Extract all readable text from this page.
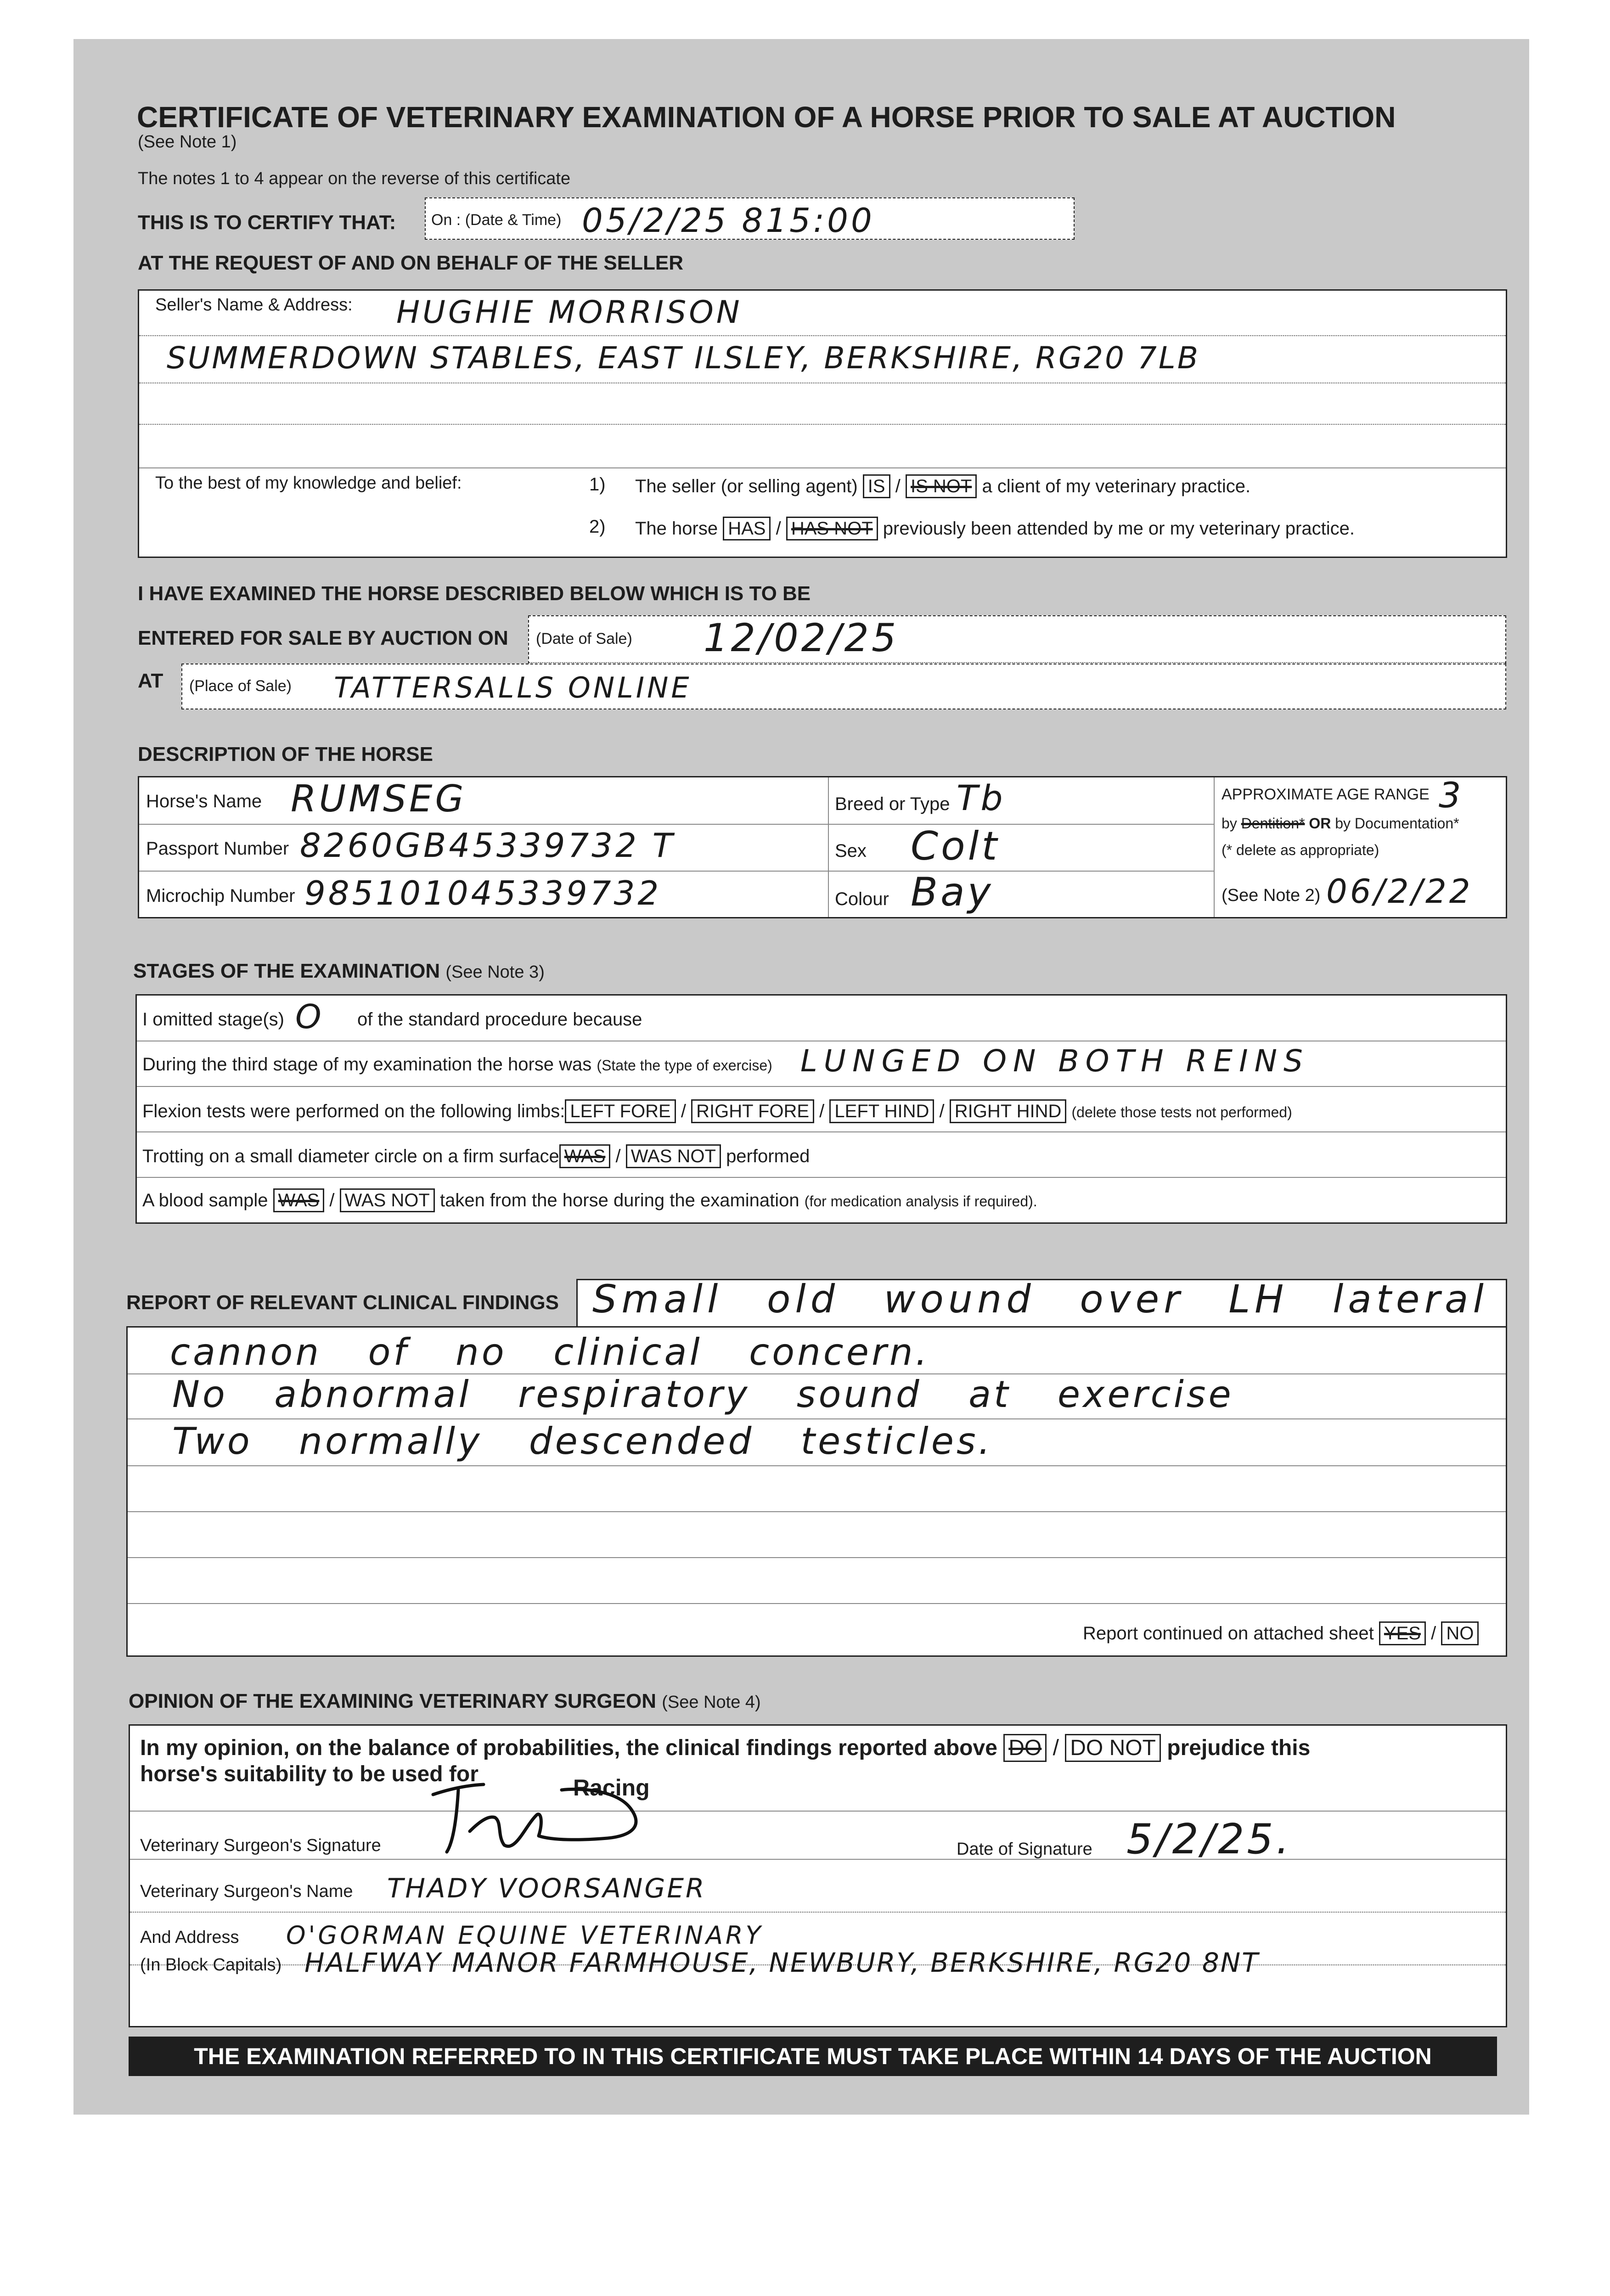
CERTIFICATE OF VETERINARY EXAMINATION OF A HORSE PRIOR TO SALE AT AUCTION
(See Note 1)
The notes 1 to 4 appear on the reverse of this certificate
THIS IS TO CERTIFY THAT: On : (Date & Time) 05/2/25 815:00
AT THE REQUEST OF AND ON BEHALF OF THE SELLER
Seller's Name & Address: HUGHIE MORRISON
SUMMERDOWN STABLES, EAST ILSLEY, BERKSHIRE, RG20 7LB
To the best of my knowledge and belief:	1) The seller (or selling agent) IS / IS NOT a client of my veterinary practice.
2) The horse HAS / HAS NOT previously been attended by me or my veterinary practice.
I HAVE EXAMINED THE HORSE DESCRIBED BELOW WHICH IS TO BE
ENTERED FOR SALE BY AUCTION ON (Date of Sale) 12/02/25
AT (Place of Sale) TATTERSALLS ONLINE
DESCRIPTION OF THE HORSE
Horse's Name RUMSEG
Passport Number 8260GB45339732 T
Microchip Number 985101045339732
Breed or Type Tb
Sex Colt
Colour Bay
APPROXIMATE AGE RANGE 3
by Dentition* OR by Documentation*
(* delete as appropriate)
(See Note 2) 06/2/22
STAGES OF THE EXAMINATION (See Note 3)
I omitted stage(s) O of the standard procedure because
During the third stage of my examination the horse was (State the type of exercise) LUNGED ON BOTH REINS
Flexion tests were performed on the following limbs: LEFT FORE / RIGHT FORE / LEFT HIND / RIGHT HIND (delete those tests not performed)
Trotting on a small diameter circle on a firm surface WAS / WAS NOT performed
A blood sample WAS / WAS NOT taken from the horse during the examination (for medication analysis if required).
REPORT OF RELEVANT CLINICAL FINDINGS
Report continued on attached sheet YES / NO
Small old wound over LH lateral
cannon of no clinical concern.
No abnormal respiratory sound at exercise
Two normally descended testicles.
OPINION OF THE EXAMINING VETERINARY SURGEON (See Note 4)
In my opinion, on the balance of probabilities, the clinical findings reported above DO / DO NOT prejudice this
horse's suitability to be used for
Racing
Veterinary Surgeon's Signature	Date of Signature 5/2/25.
Veterinary Surgeon's Name THADY VOORSANGER
And Address O'GORMAN EQUINE VETERINARY
(In Block Capitals) HALFWAY MANOR FARMHOUSE, NEWBURY, BERKSHIRE, RG20 8NT
THE EXAMINATION REFERRED TO IN THIS CERTIFICATE MUST TAKE PLACE WITHIN 14 DAYS OF THE AUCTION
